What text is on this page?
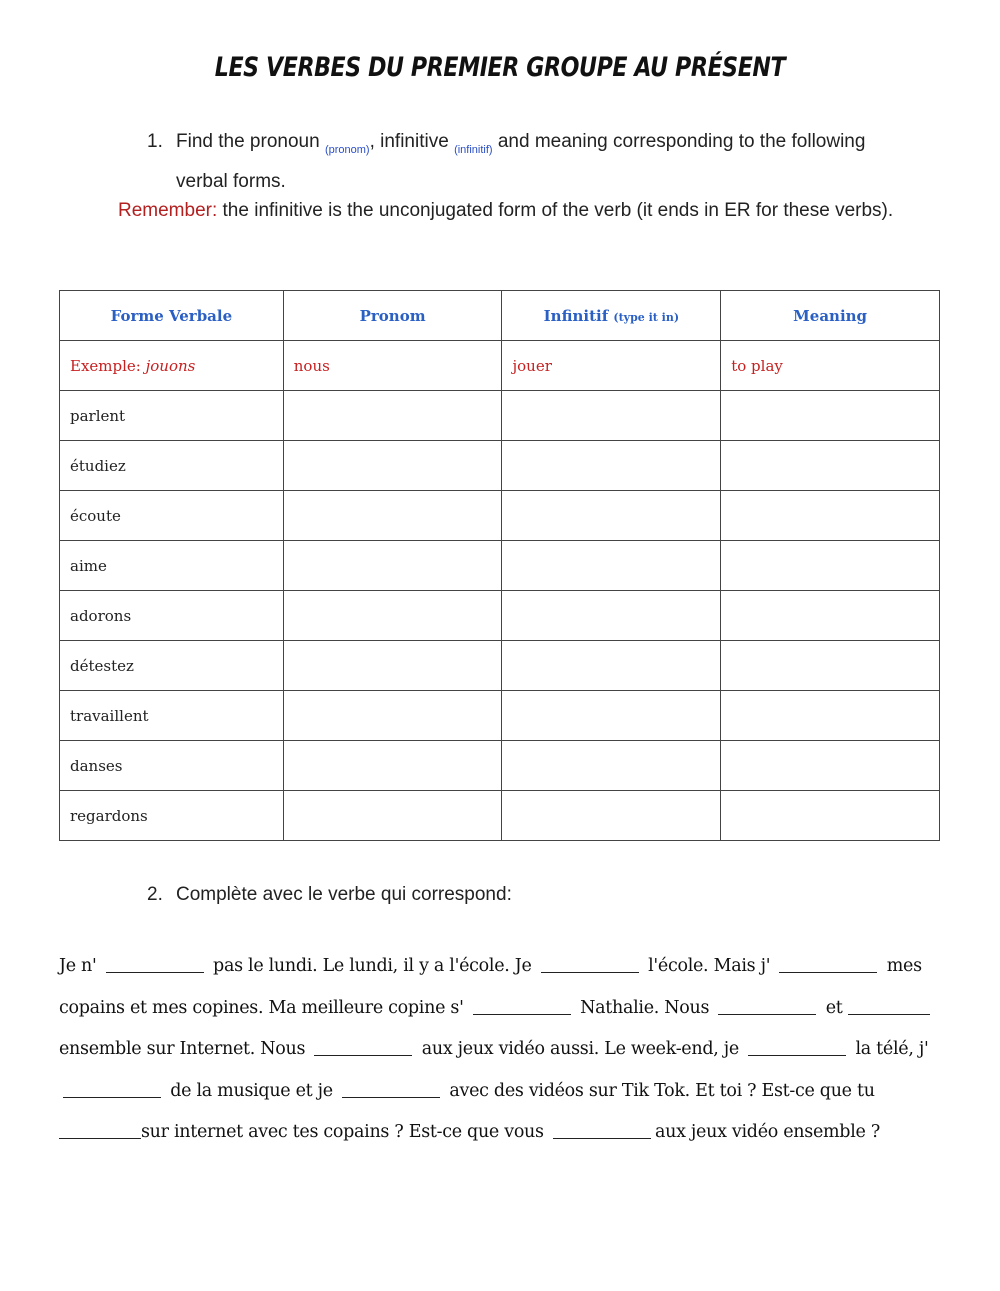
LES VERBES DU PREMIER GROUPE AU PRÉSENT
1. Find the pronoun $_{(pronom)}$, infinitive $_{(infinitif)}$ and meaning corresponding to the following verbal forms.
Remember: the infinitive is the unconjugated form of the verb (it ends in ER for these verbs).
Forme Verbale	Pronom	Infinitif (type it in)	Meaning
Exemple: jouons	nous	jouer	to play
parlent			
étudiez			
écoute			
aime			
adorons			
détestez			
travaillent			
danses			
regardons			
2. Complète avec le verbe qui correspond:
Je n'	pas le lundi. Le lundi, il y a l'école. Je	l'école. Mais j'	mes copains et mes copines. Ma meilleure copine s'	Nathalie. Nous	et  ensemble sur Internet. Nous	aux jeux vidéo aussi. Le week-end, je	la télé, j'  de la musique et je	avec des vidéos sur Tik Tok. Et toi ? Est-ce que tusur internet avec tes copains ? Est-ce que vous	aux jeux vidéo ensemble ?
